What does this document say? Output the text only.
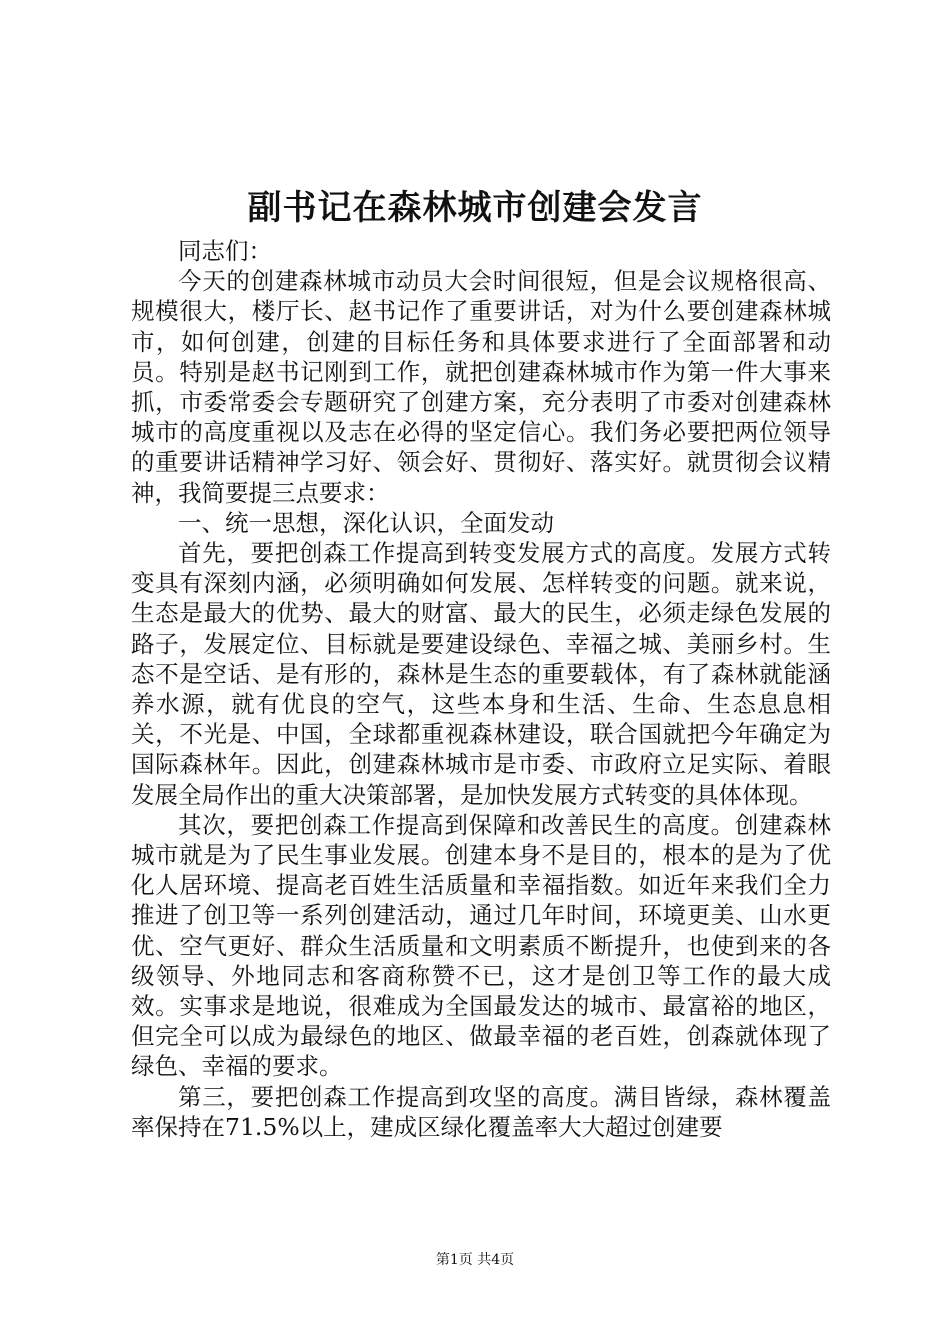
副书记在森林城市创建会发言

同志们：

今天的创建森林城市动员大会时间很短，但是会议规格很高、规模很大，楼厅长、赵书记作了重要讲话，对为什么要创建森林城市，如何创建，创建的目标任务和具体要求进行了全面部署和动员。特别是赵书记刚到工作，就把创建森林城市作为第一件大事来抓，市委常委会专题研究了创建方案，充分表明了市委对创建森林城市的高度重视以及志在必得的坚定信心。我们务必要把两位领导的重要讲话精神学习好、领会好、贯彻好、落实好。就贯彻会议精神，我简要提三点要求：

一、统一思想，深化认识，全面发动

首先，要把创森工作提高到转变发展方式的高度。发展方式转变具有深刻内涵，必须明确如何发展、怎样转变的问题。就来说，生态是最大的优势、最大的财富、最大的民生，必须走绿色发展的路子，发展定位、目标就是要建设绿色、幸福之城、美丽乡村。生态不是空话、是有形的，森林是生态的重要载体，有了森林就能涵养水源，就有优良的空气，这些本身和生活、生命、生态息息相关，不光是、中国，全球都重视森林建设，联合国就把今年确定为国际森林年。因此，创建森林城市是市委、市政府立足实际、着眼发展全局作出的重大决策部署，是加快发展方式转变的具体体现。

其次，要把创森工作提高到保障和改善民生的高度。创建森林城市就是为了民生事业发展。创建本身不是目的，根本的是为了优化人居环境、提高老百姓生活质量和幸福指数。如近年来我们全力推进了创卫等一系列创建活动，通过几年时间，环境更美、山水更优、空气更好、群众生活质量和文明素质不断提升，也使到来的各级领导、外地同志和客商称赞不已，这才是创卫等工作的最大成效。实事求是地说，很难成为全国最发达的城市、最富裕的地区，但完全可以成为最绿色的地区、做最幸福的老百姓，创森就体现了绿色、幸福的要求。

第三，要把创森工作提高到攻坚的高度。满目皆绿，森林覆盖率保持在71.5%以上，建成区绿化覆盖率大大超过创建要

第1页 共4页
